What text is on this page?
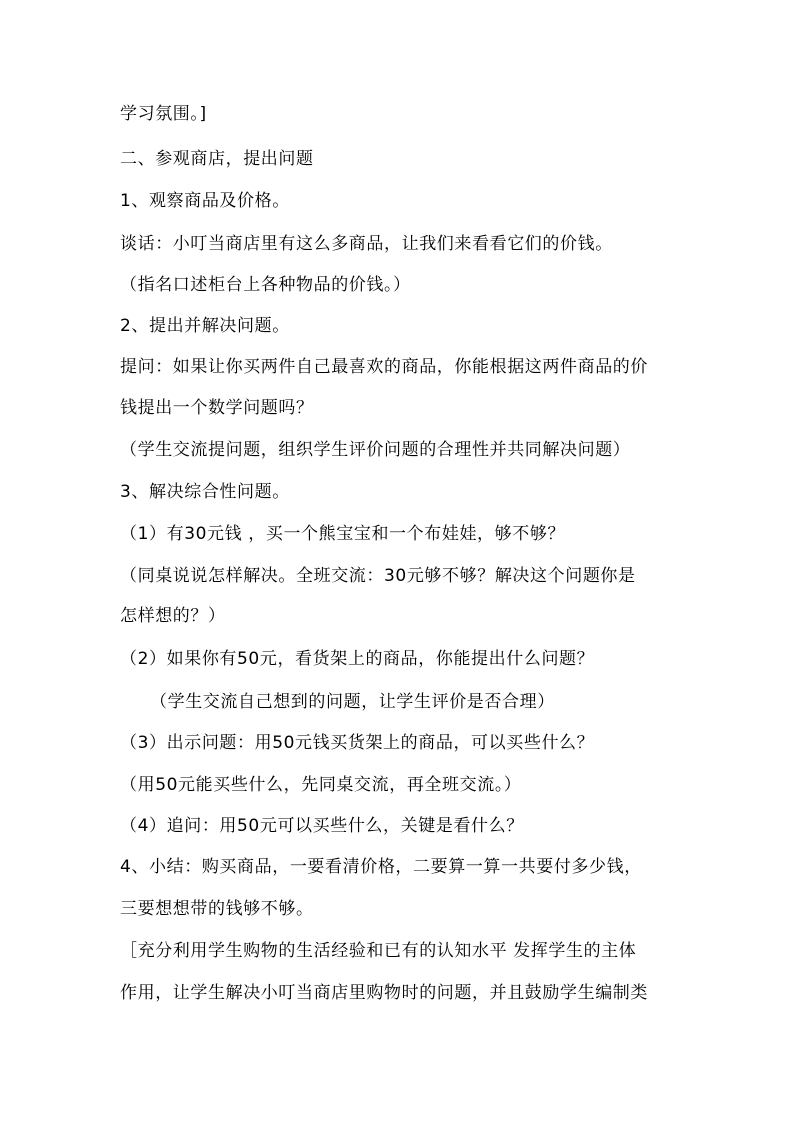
学习氛围。]

二、参观商店，提出问题

1、观察商品及价格。

谈话：小叮当商店里有这么多商品，让我们来看看它们的价钱。

（指名口述柜台上各种物品的价钱。）

2、提出并解决问题。

提问：如果让你买两件自己最喜欢的商品，你能根据这两件商品的价

钱提出一个数学问题吗？

（学生交流提问题，组织学生评价问题的合理性并共同解决问题）

3、解决综合性问题。

（1）有30元钱 ，买一个熊宝宝和一个布娃娃，够不够？

（同桌说说怎样解决。全班交流：30元够不够？解决这个问题你是

怎样想的？）

（2）如果你有50元，看货架上的商品，你能提出什么问题？

（学生交流自己想到的问题，让学生评价是否合理）

（3）出示问题：用50元钱买货架上的商品，可以买些什么？

（用50元能买些什么，先同桌交流，再全班交流。）

（4）追问：用50元可以买些什么，关键是看什么？

4、小结：购买商品，一要看清价格，二要算一算一共要付多少钱，

三要想想带的钱够不够。

［充分利用学生购物的生活经验和已有的认知水平 发挥学生的主体

作用，让学生解决小叮当商店里购物时的问题，并且鼓励学生编制类
